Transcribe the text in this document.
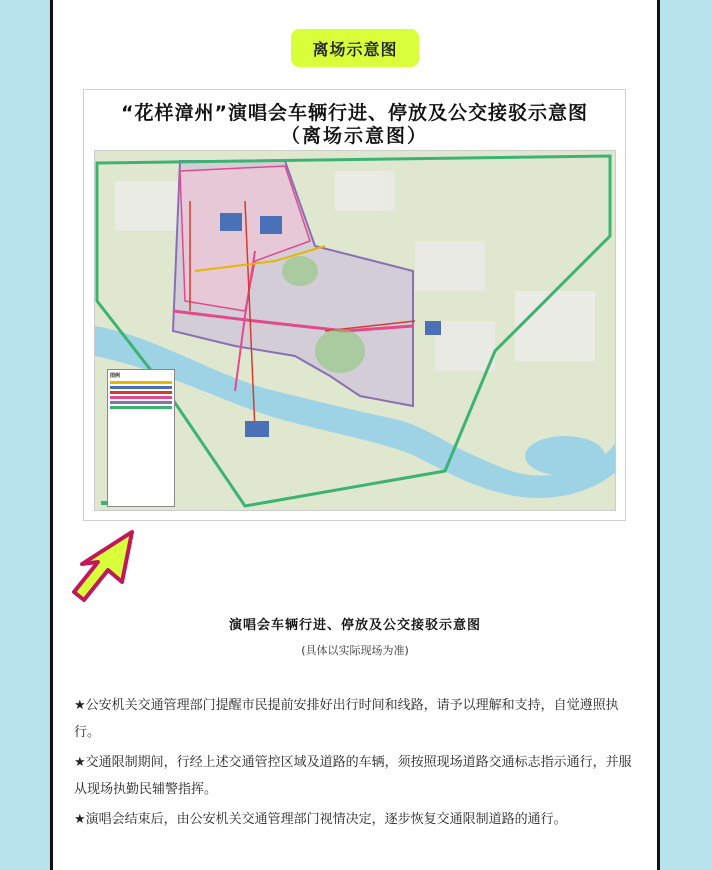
离场示意图
“花样漳州”演唱会车辆行进、停放及公交接驳示意图
（离场示意图）
图例
演唱会车辆行进、停放及公交接驳示意图
(具体以实际现场为准)
★公安机关交通管理部门提醒市民提前安排好出行时间和线路，请予以理解和支持，自觉遵照执行。
★交通限制期间，行经上述交通管控区域及道路的车辆，须按照现场道路交通标志指示通行，并服从现场执勤民辅警指挥。
★演唱会结束后，由公安机关交通管理部门视情决定，逐步恢复交通限制道路的通行。
